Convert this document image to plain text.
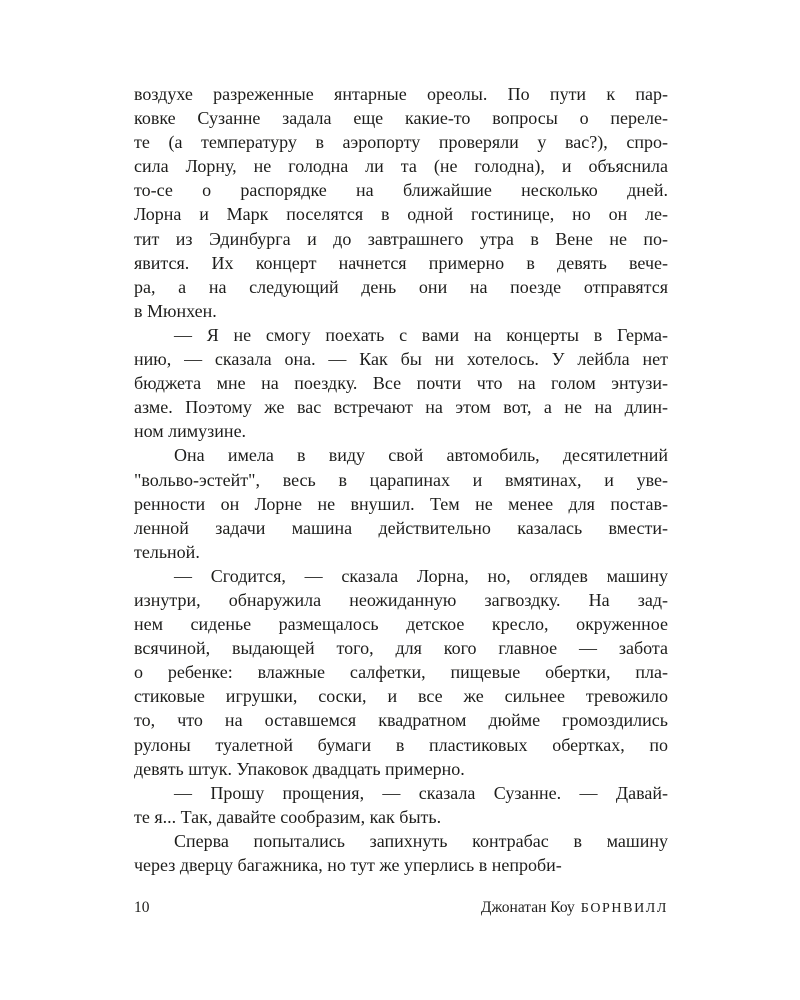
воздухе разреженные янтарные ореолы. По пути к пар-
ковке Сузанне задала еще какие-то вопросы о переле-
те (а температуру в аэропорту проверяли у вас?), спро-
сила Лорну, не голодна ли та (не голодна), и объяснила
то-се о распорядке на ближайшие несколько дней.
Лорна и Марк поселятся в одной гостинице, но он ле-
тит из Эдинбурга и до завтрашнего утра в Вене не по-
явится. Их концерт начнется примерно в девять вече-
ра, а на следующий день они на поезде отправятся
в Мюнхен.
— Я не смогу поехать с вами на концерты в Герма-
нию, — сказала она. — Как бы ни хотелось. У лейбла нет
бюджета мне на поездку. Все почти что на голом энтузи-
азме. Поэтому же вас встречают на этом вот, а не на длин-
ном лимузине.
Она имела в виду свой автомобиль, десятилетний
"вольво-эстейт", весь в царапинах и вмятинах, и уве-
ренности он Лорне не внушил. Тем не менее для постав-
ленной задачи машина действительно казалась вмести-
тельной.
— Сгодится, — сказала Лорна, но, оглядев машину
изнутри, обнаружила неожиданную загвоздку. На зад-
нем сиденье размещалось детское кресло, окруженное
всячиной, выдающей того, для кого главное — забота
о ребенке: влажные салфетки, пищевые обертки, пла-
стиковые игрушки, соски, и все же сильнее тревожило
то, что на оставшемся квадратном дюйме громоздились
рулоны туалетной бумаги в пластиковых обертках, по
девять штук. Упаковок двадцать примерно.
— Прошу прощения, — сказала Сузанне. — Давай-
те я... Так, давайте сообразим, как быть.
Сперва попытались запихнуть контрабас в машину
через дверцу багажника, но тут же уперлись в непроби-
10	Джонатан Коу БОРНВИЛЛ
